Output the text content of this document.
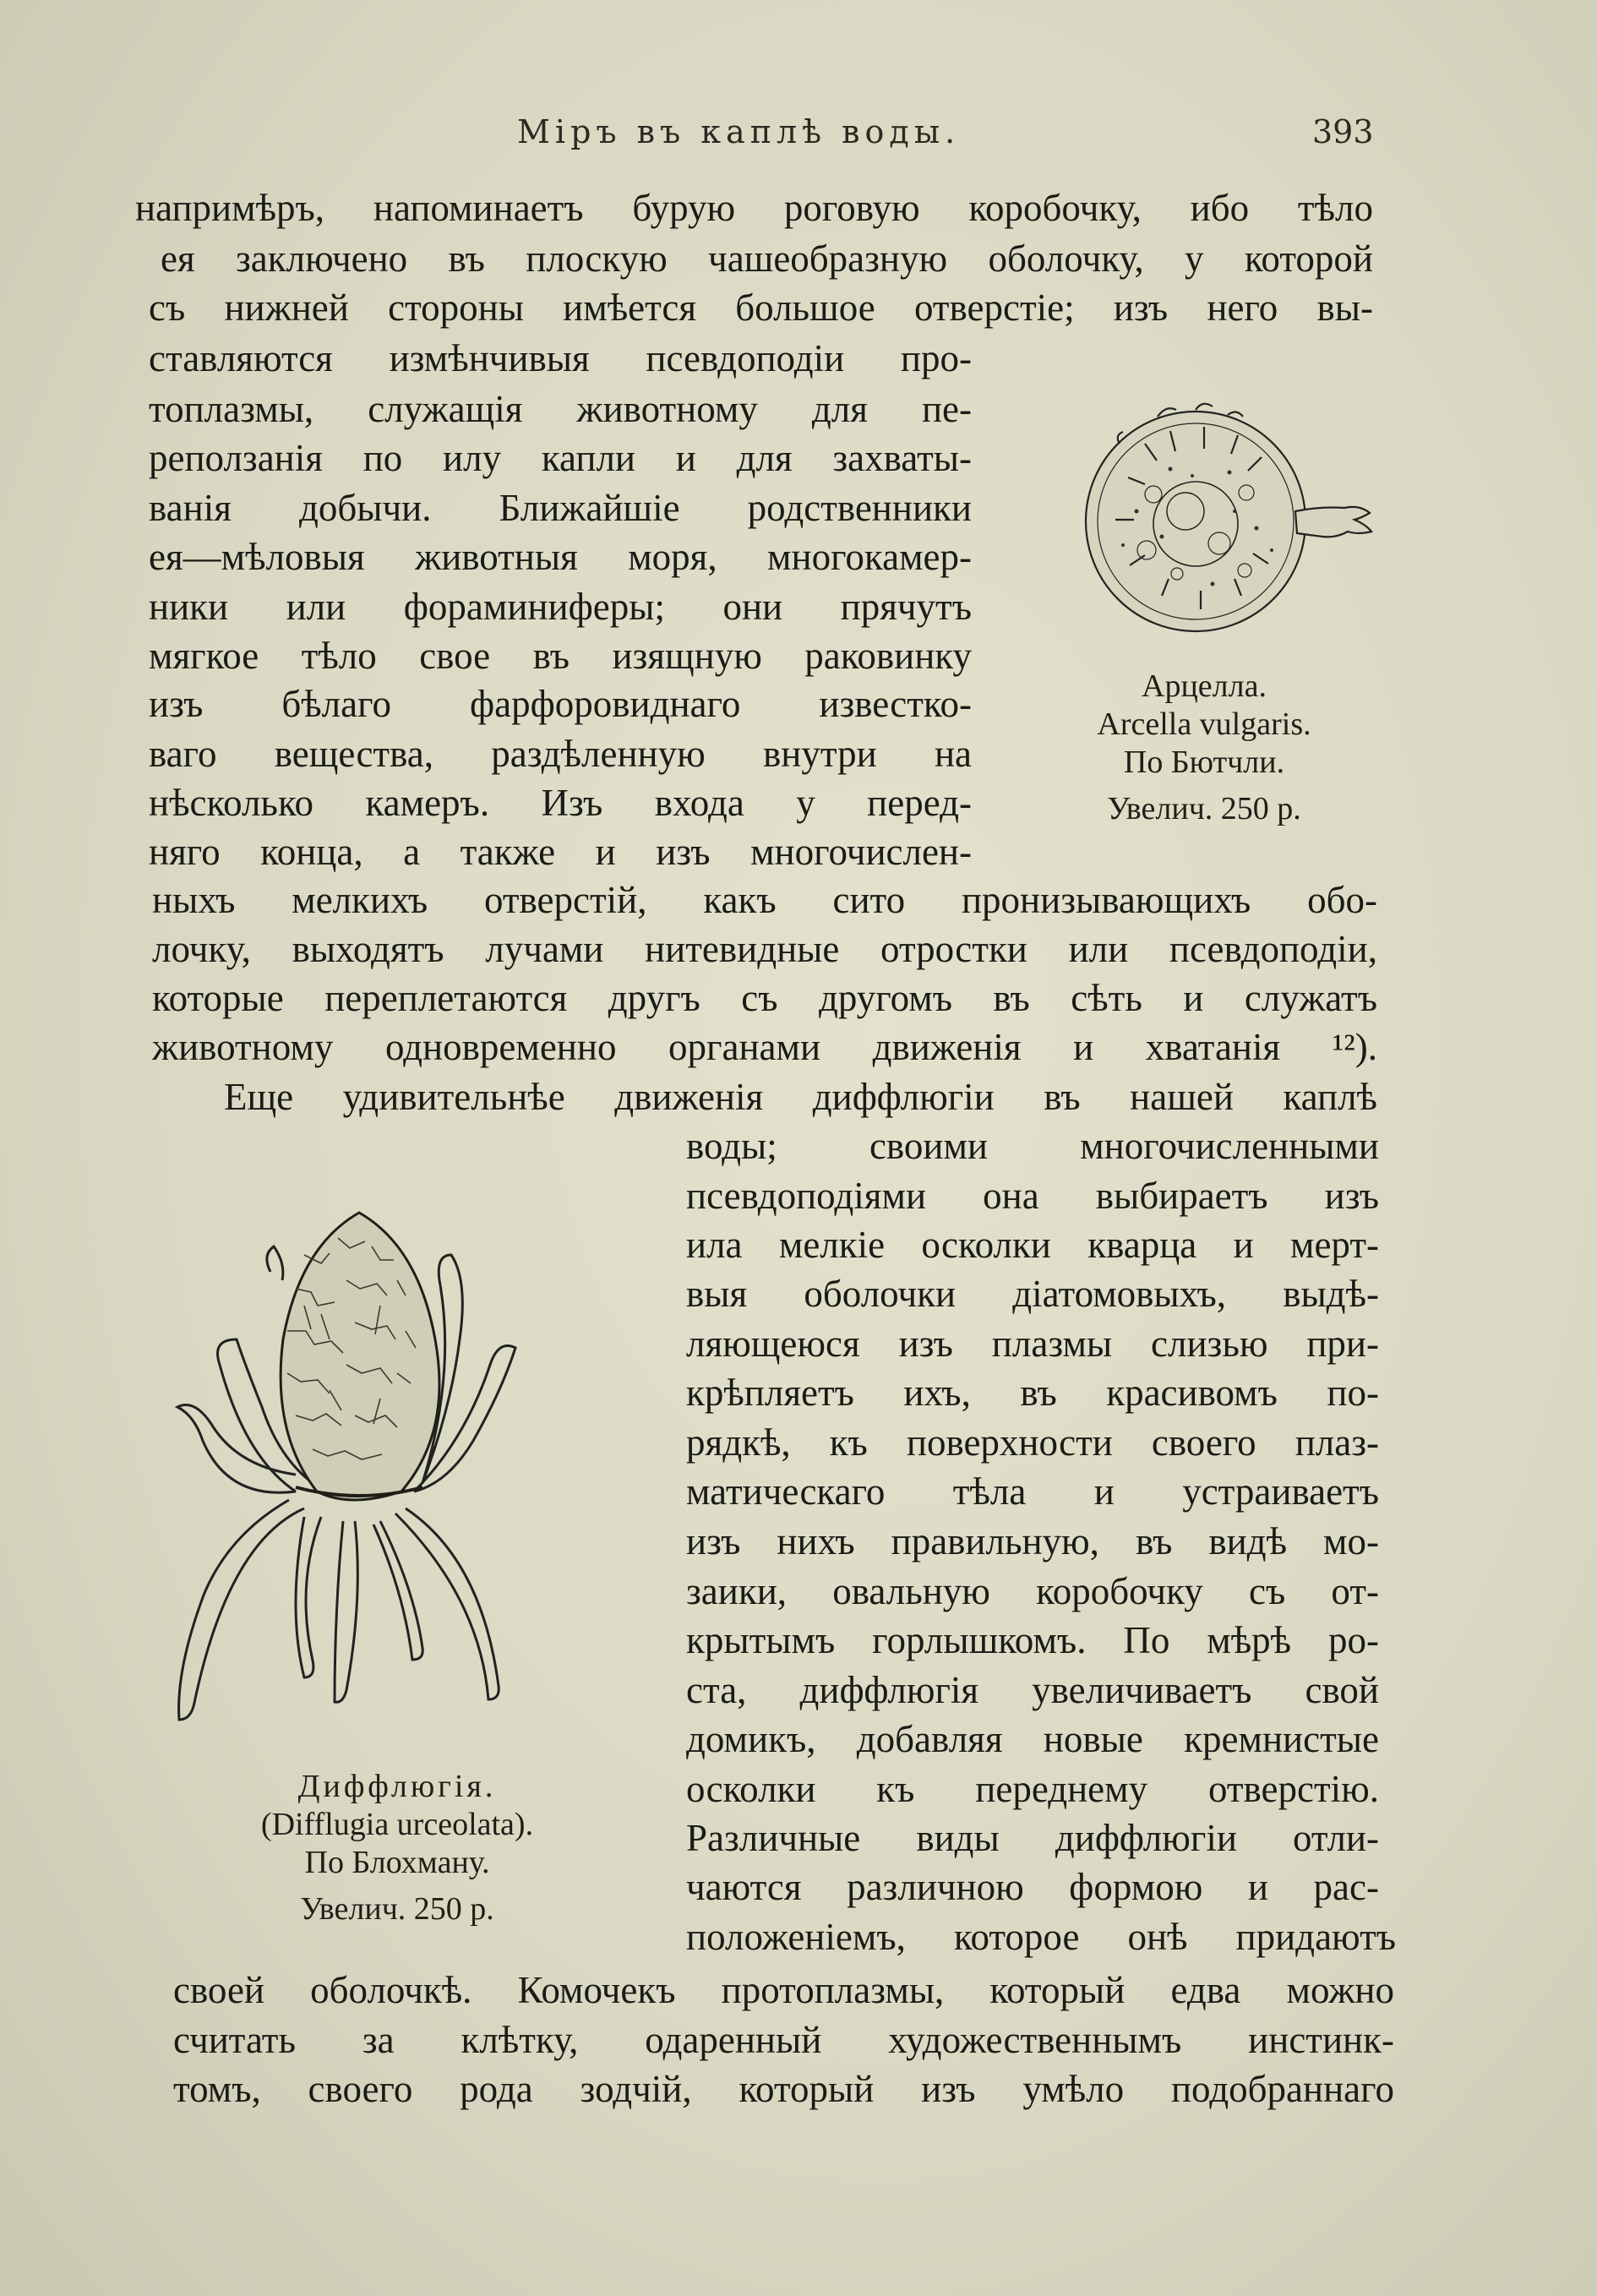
Міръ въ каплѣ воды.	393
напримѣръ, напоминаетъ бурую роговую коробочку, ибо тѣло
ея заключено въ плоскую чашеобразную оболочку, у которой
съ нижней стороны имѣется большое отверстіе; изъ него вы-
ставляются измѣнчивыя псевдоподіи про-
топлазмы, служащія животному для пе-
реползанія по илу капли и для захваты-
ванія добычи. Ближайшіе родственники
ея—мѣловыя животныя моря, многокамер-
ники или фораминиферы; они прячутъ
мягкое тѣло свое въ изящную раковинку
изъ бѣлаго фарфоровиднаго известко-
ваго вещества, раздѣленную внутри на
нѣсколько камеръ. Изъ входа у перед-
няго конца, а также и изъ многочислен-
ныхъ мелкихъ отверстій, какъ сито пронизывающихъ обо-
лочку, выходятъ лучами нитевидные отростки или псевдоподіи,
которые переплетаются другъ съ другомъ въ сѣть и служатъ
животному одновременно органами движенія и хватанія ¹²).
Еще удивительнѣе движенія диффлюгіи въ нашей каплѣ
воды; своими многочисленными
псевдоподіями она выбираетъ изъ
ила мелкіе осколки кварца и мерт-
выя оболочки діатомовыхъ, выдѣ-
ляющеюся изъ плазмы слизью при-
крѣпляетъ ихъ, въ красивомъ по-
рядкѣ, къ поверхности своего плаз-
матическаго тѣла и устраиваетъ
изъ нихъ правильную, въ видѣ мо-
заики, овальную коробочку съ от-
крытымъ горлышкомъ. По мѣрѣ ро-
ста, диффлюгія увеличиваетъ свой
домикъ, добавляя новые кремнистые
осколки къ переднему отверстію.
Различные виды диффлюгіи отли-
чаются различною формою и рас-
положеніемъ, которое онѣ придаютъ
своей оболочкѣ. Комочекъ протоплазмы, который едва можно
считать за клѣтку, одаренный художественнымъ инстинк-
томъ, своего рода зодчій, который изъ умѣло подобраннаго
Арцелла.
Arcella vulgaris.
По Бютчли.
Увелич. 250 р.
Диффлюгія.
(Difflugia urceolata).
По Блохману.
Увелич. 250 р.
